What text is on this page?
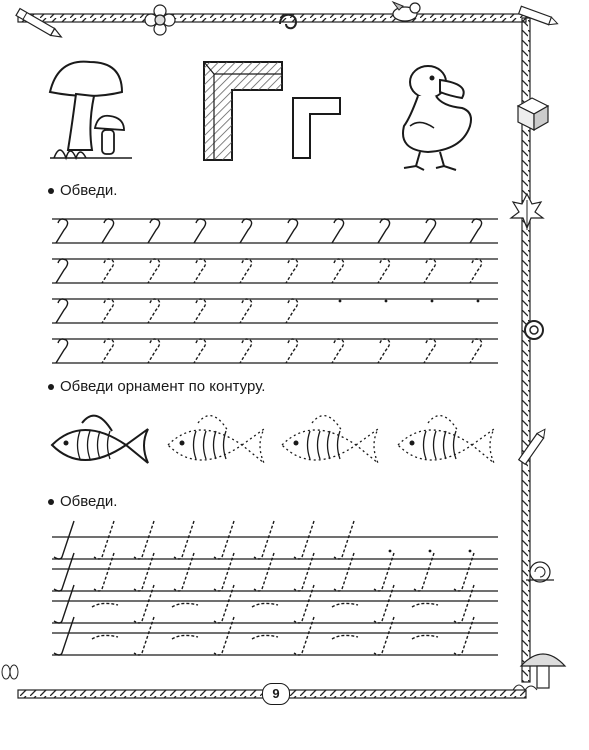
Обведи.
Обведи орнамент по контуру.
Обведи.
9
